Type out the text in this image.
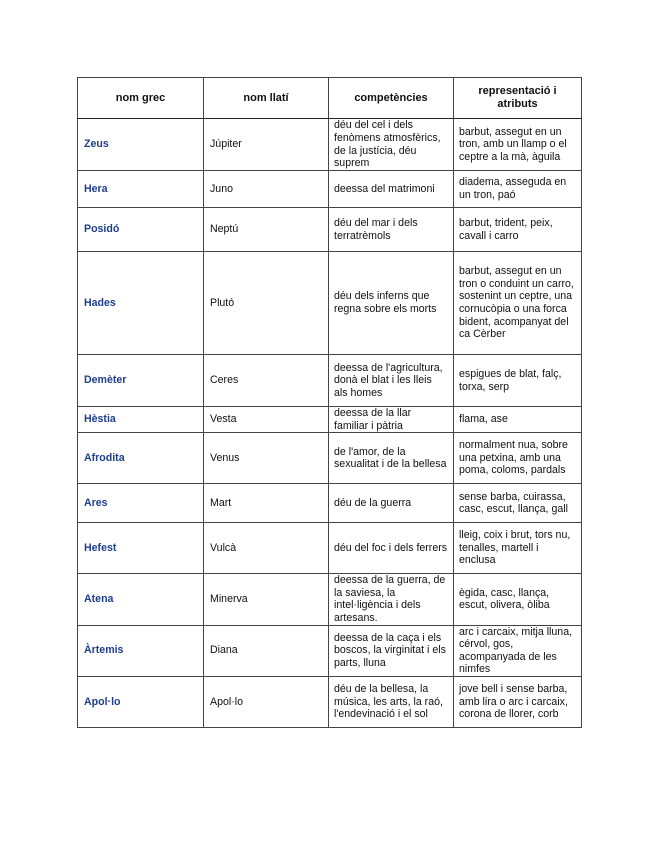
nom grec	nom llatí	competències	representació i atributs
Zeus	Júpiter	déu del cel i dels fenòmens atmosfèrics, de la justícia, déu suprem	barbut, assegut en un tron, amb un llamp o el ceptre a la mà, àguila
Hera	Juno	deessa del matrimoni	diadema, asseguda en un tron, paó
Posidó	Neptú	déu del mar i dels terratrèmols	barbut, trident, peix, cavall i carro
Hades	Plutó	déu dels inferns que regna sobre els morts	barbut, assegut en un tron o conduint un carro, sostenint un ceptre, una cornucòpia o una forca bident, acompanyat del ca Cèrber
Demèter	Ceres	deessa de l'agricultura, donà el blat i les lleis als homes	espigues de blat, falç, torxa, serp
Hèstia	Vesta	deessa de la llar familiar i pàtria	flama, ase
Afrodita	Venus	de l'amor, de la sexualitat i de la bellesa	normalment nua, sobre una petxina, amb una poma, coloms, pardals
Ares	Mart	déu de la guerra	sense barba, cuirassa, casc, escut, llança, gall
Hefest	Vulcà	déu del foc i dels ferrers	lleig, coix i brut, tors nu, tenalles, martell i enclusa
Atena	Minerva	deessa de la guerra, de la saviesa, la intel·ligència i dels artesans.	ègida, casc, llança, escut, olivera, òliba
Àrtemis	Diana	deessa de la caça i els boscos, la virginitat i els parts, lluna	arc i carcaix, mitja lluna, cérvol, gos, acompanyada de les nimfes
Apol·lo	Apol·lo	déu de la bellesa, la música, les arts, la raó, l'endevinació i el sol	jove bell i sense barba, amb lira o arc i carcaix, corona de llorer, corb
